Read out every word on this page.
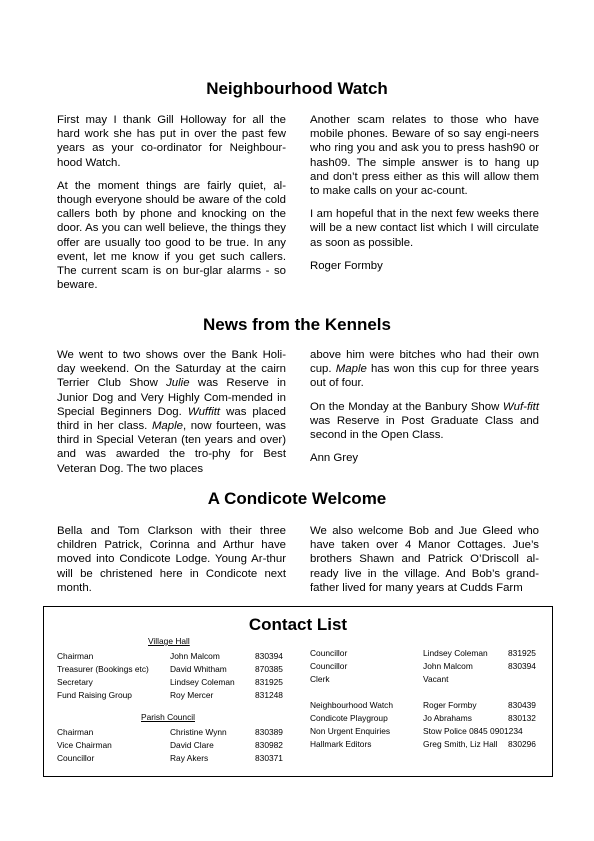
Neighbourhood Watch

First may I thank Gill Holloway for all the hard work she has put in over the past few years as your co-ordinator for Neighbour-hood Watch.

At the moment things are fairly quiet, al-though everyone should be aware of the cold callers both by phone and knocking on the door. As you can well believe, the things they offer are usually too good to be true. In any event, let me know if you get such callers. The current scam is on bur-glar alarms - so beware.

Another scam relates to those who have mobile phones. Beware of so say engi-neers who ring you and ask you to press hash90 or hash09. The simple answer is to hang up and don’t press either as this will allow them to make calls on your ac-count.

I am hopeful that in the next few weeks there will be a new contact list which I will circulate as soon as possible.

Roger Formby

News from the Kennels

We went to two shows over the Bank Holi-day weekend. On the Saturday at the cairn Terrier Club Show Julie was Reserve in Junior Dog and Very Highly Com-mended in Special Beginners Dog. Wuffitt was placed third in her class. Maple, now fourteen, was third in Special Veteran (ten years and over) and was awarded the tro-phy for Best Veteran Dog. The two places

above him were bitches who had their own cup. Maple has won this cup for three years out of four.

On the Monday at the Banbury Show Wuf-fitt was Reserve in Post Graduate Class and second in the Open Class.

Ann Grey

A Condicote Welcome

Bella and Tom Clarkson with their three children Patrick, Corinna and Arthur have moved into Condicote Lodge. Young Ar-thur will be christened here in Condicote next month.

We also welcome Bob and Jue Gleed who have taken over 4 Manor Cottages. Jue’s brothers Shawn and Patrick O’Driscoll al-ready live in the village. And Bob’s grand-father lived for many years at Cudds Farm

Contact List
Village Hall
Chairman	John Malcom	830394
Treasurer (Bookings etc)	David Whitham	870385
Secretary	Lindsey Coleman 831925
Fund Raising Group	Roy Mercer	831248
Parish Council
Chairman	Christine Wynn	830389
Vice Chairman	David Clare	830982
Councillor	Ray Akers	830371
Councillor	Lindsey Coleman 831925
Councillor	John Malcom	830394
Clerk	Vacant
Neighbourhood Watch	Roger Formby	830439
Condicote Playgroup	Jo Abrahams	830132
Non Urgent Enquiries	Stow Police 0845 0901234
Hallmark Editors	Greg Smith, Liz Hall 830296
